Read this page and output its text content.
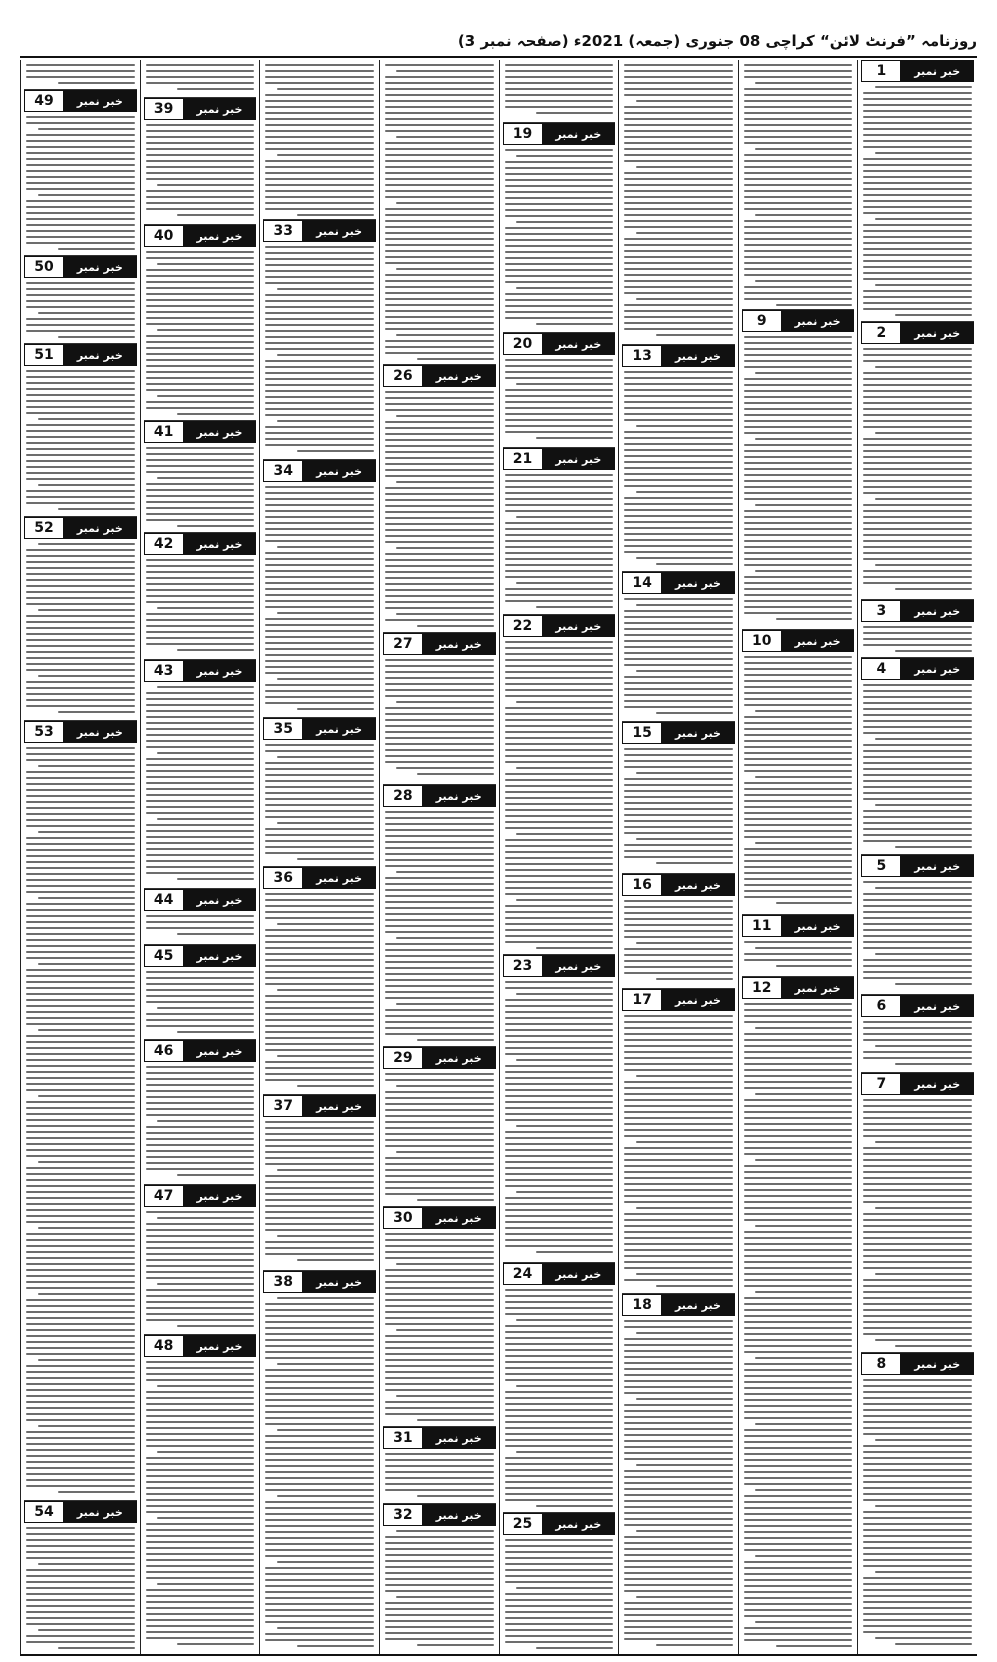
روزنامہ ”فرنٹ لائن“ کراچی 08 جنوری (جمعہ) 2021ء (صفحہ نمبر 3)
1	خبر نمبر
2	خبر نمبر
3	خبر نمبر
4	خبر نمبر
5	خبر نمبر
6	خبر نمبر
7	خبر نمبر
8	خبر نمبر
9	خبر نمبر
10	خبر نمبر
11	خبر نمبر
12	خبر نمبر
13	خبر نمبر
14	خبر نمبر
15	خبر نمبر
16	خبر نمبر
17	خبر نمبر
18	خبر نمبر
19	خبر نمبر
20	خبر نمبر
21	خبر نمبر
22	خبر نمبر
23	خبر نمبر
24	خبر نمبر
25	خبر نمبر
26	خبر نمبر
27	خبر نمبر
28	خبر نمبر
29	خبر نمبر
30	خبر نمبر
31	خبر نمبر
32	خبر نمبر
33	خبر نمبر
34	خبر نمبر
35	خبر نمبر
36	خبر نمبر
37	خبر نمبر
38	خبر نمبر
39	خبر نمبر
40	خبر نمبر
41	خبر نمبر
42	خبر نمبر
43	خبر نمبر
44	خبر نمبر
45	خبر نمبر
46	خبر نمبر
47	خبر نمبر
48	خبر نمبر
49	خبر نمبر
50	خبر نمبر
51	خبر نمبر
52	خبر نمبر
53	خبر نمبر
54	خبر نمبر
